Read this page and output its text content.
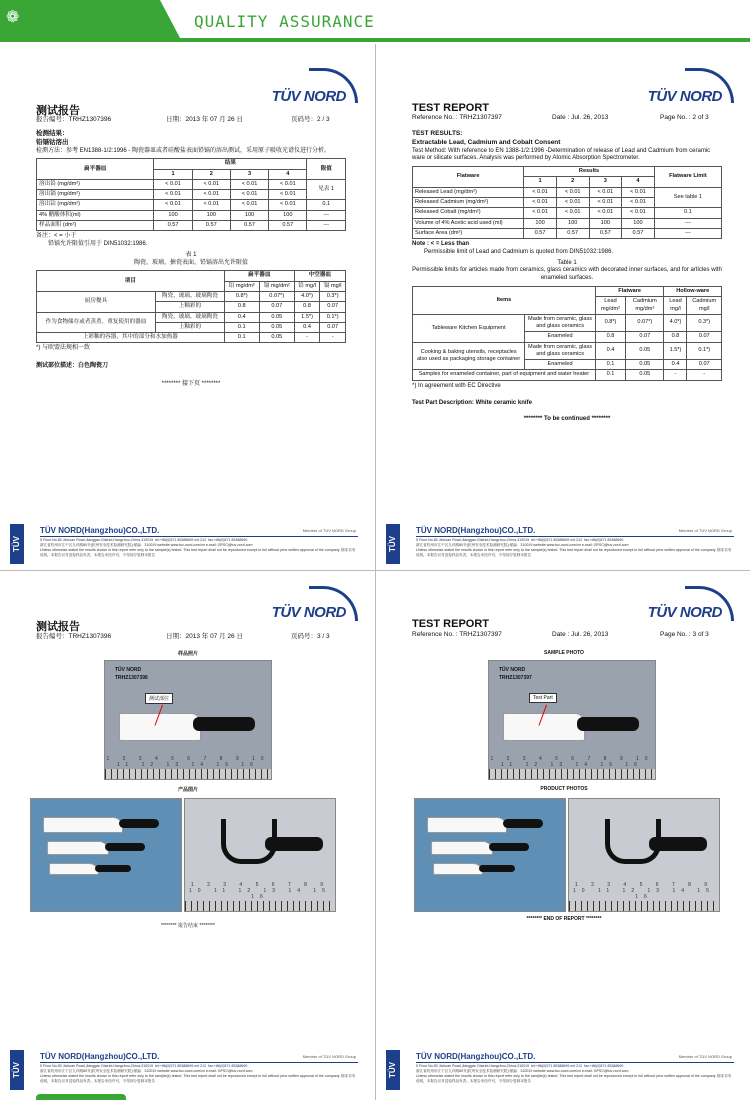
❁	QUALITY ASSURANCE
TÜV NORD
测试报告
报告编号：TRHZ1307396	日期：2013 年 07 月 26 日	页码号：2 / 3
检测结果：
铅镉钴溶出
检测方法：参考 EN1388-1/2:1996 - 陶瓷器皿或者硅酸盐表面铅镉的溶出测试，采用原子吸收光谱仪进行分析。
扁平器皿	结果				限值
	1	2	3	4	
溶出铅 (mg/dm²)	< 0.01	< 0.01	< 0.01	< 0.01	见表 1
溶出镉 (mg/dm²)	< 0.01	< 0.01	< 0.01	< 0.01	
溶出钴 (mg/dm²)	< 0.01	< 0.01	< 0.01	< 0.01	0.1
4% 醋酸体积(ml)	100	100	100	100	---
样品面积 (dm²)	0.57	0.57	0.57	0.57	---
备注：< = 小于
铅镉允许限值引用于 DIN51032:1986.
表 1
陶瓷、玻璃、搪瓷表面、铅镉溶出允许限值
项目		扁平器皿		中空器皿	
		铅 mg/dm²	镉 mg/dm²	铅 mg/l	镉 mg/l
厨房餐具	陶瓷、玻璃、玻璃陶瓷	0.8*)	0.07*)	4.0*)	0.3*)
	上釉彩的	0.8	0.07	0.8	0.07
作为食物储存或者蒸煮、重复使用的器皿	陶瓷、玻璃、玻璃陶瓷	0.4	0.05	1.5*)	0.1*)
	上釉彩的	0.1	0.05	0.4	0.07
上彩釉的容器，其中的部分和水加热器		0.1	0.05	-	-
*) 与欧盟法规相一致
测试部位描述：白色陶瓷刀
******** 接下页 ********
TÜV
TÜV NORD(Hangzhou)CO.,LTD.	Member of TÜV NORD Group
5 Floor No.80 Jichuan Road,Jianggan District,Hangzhou,China,310019 tel:+86(0)571 85388699 ext 212 fax:+86(0)571 85388690
浙江省杭州市江干区九环路80号(杭州安全技术检测研究院) 邮编：310019 website www.tuv-nord.com/cn e-mail: GPSC@tuv-nord.com
Unless otherwise stated the results shown in this report refer only to the sample(s) tested. This test report shall not be reproduced except in full without prior written approval of the company. 除非另有说明，本报告仅对送检样品负责。本报告未经许可，不得部分复制本报告
TÜV NORD
TEST REPORT
Reference No. : TRHZ1307397	Date : Jul. 26, 2013	Page No. : 2 of 3
TEST RESULTS:
Extractable Lead, Cadmium and Cobalt Consent
Test Method: With reference to EN 1388-1/2:1996 -Determination of release of Lead and Cadmium from ceramic ware or silicate surfaces. Analysis was performed by Atomic Absorption Spectrometer.
Flatware	Results				Flatware Limit
	1	2	3	4	
Released Lead (mg/dm²)	< 0.01	< 0.01	< 0.01	< 0.01	See table 1
Released Cadmium (mg/dm²)	< 0.01	< 0.01	< 0.01	< 0.01	
Released Cobalt (mg/dm²)	< 0.01	< 0.01	< 0.01	< 0.01	0.1
Volume of 4% Acetic acid used (ml)	100	100	100	100	---
Surface Area (dm²)	0.57	0.57	0.57	0.57	---
Note : < = Less than
Permissible limit of Lead and Cadmium is quoted from DIN51032:1986.
Table 1
Permissible limits for articles made from ceramics, glass ceramics with decorated inner surfaces, and for articles with enameled surfaces.
Items		Flatware		Hollow-ware	
		Lead mg/dm²	Cadmium mg/dm²	Lead mg/l	Cadmium mg/l
Tableware Kitchen Equipment	Made from ceramic, glass and glass ceramics	0.8*)	0.07*)	4.0*)	0.3*)
	Enameled	0.8	0.07	0.8	0.07
Cooking & baking utensils, receptacles also used as packaging storage container	Made from ceramic, glass and glass ceramics	0.4	0.05	1.5*)	0.1*)
	Enameled	0.1	0.05	0.4	0.07
Samples for enameled container, part of equipment and water heater		0.1	0.05	-	-
*) In agreement with EC Directive
Test Part Description: White ceramic knife
******** To be continued ********
TÜV
TÜV NORD(Hangzhou)CO.,LTD.	Member of TÜV NORD Group
5 Floor No.80 Jichuan Road,Jianggan District,Hangzhou,China,310019 tel:+86(0)571 85388699 ext 212 fax:+86(0)571 85388690
浙江省杭州市江干区九环路80号(杭州安全技术检测研究院) 邮编：310019 website www.tuv-nord.com/cn e-mail: GPSC@tuv-nord.com
Unless otherwise stated the results shown in this report refer only to the sample(s) tested. This test report shall not be reproduced except in full without prior written approval of the company. 除非另有说明，本报告仅对送检样品负责。本报告未经许可，不得部分复制本报告
TÜV NORD
测试报告
报告编号：TRHZ1307396	日期：2013 年 07 月 26 日	页码号：3 / 3
样品照片
TÜV NORD
TRHZ1307396
测试部位
1 2 3 4 5 6 7 8 9 10 11 12 13 14 15 16
产品图片
1 2 3 4 5 6 7 8 9 10 11 12 13 14 15 16
******** 报告结束 ********
TÜV
TÜV NORD(Hangzhou)CO.,LTD.	Member of TÜV NORD Group
5 Floor No.80 Jichuan Road,Jianggan District,Hangzhou,China,310019 tel:+86(0)571 85388699 ext 212 fax:+86(0)571 85388690
浙江省杭州市江干区九环路80号(杭州安全技术检测研究院) 邮编：310019 website www.tuv-nord.com/cn e-mail: GPSC@tuv-nord.com
Unless otherwise stated the results shown in this report refer only to the sample(s) tested. This test report shall not be reproduced except in full without prior written approval of the company. 除非另有说明，本报告仅对送检样品负责。本报告未经许可，不得部分复制本报告
TÜV NORD
TEST REPORT
Reference No. : TRHZ1307397	Date : Jul. 26, 2013	Page No. : 3 of 3
SAMPLE PHOTO
TÜV NORD
TRHZ1307397
Test Part
1 2 3 4 5 6 7 8 9 10 11 12 13 14 15 16
PRODUCT PHOTOS
1 2 3 4 5 6 7 8 9 10 11 12 13 14 15 16
******** END OF REPORT ********
TÜV
TÜV NORD(Hangzhou)CO.,LTD.	Member of TÜV NORD Group
5 Floor No.80 Jichuan Road,Jianggan District,Hangzhou,China,310019 tel:+86(0)571 85388699 ext 212 fax:+86(0)571 85388690
浙江省杭州市江干区九环路80号(杭州安全技术检测研究院) 邮编：310019 website www.tuv-nord.com/cn e-mail: GPSC@tuv-nord.com
Unless otherwise stated the results shown in this report refer only to the sample(s) tested. This test report shall not be reproduced except in full without prior written approval of the company. 除非另有说明，本报告仅对送检样品负责。本报告未经许可，不得部分复制本报告
